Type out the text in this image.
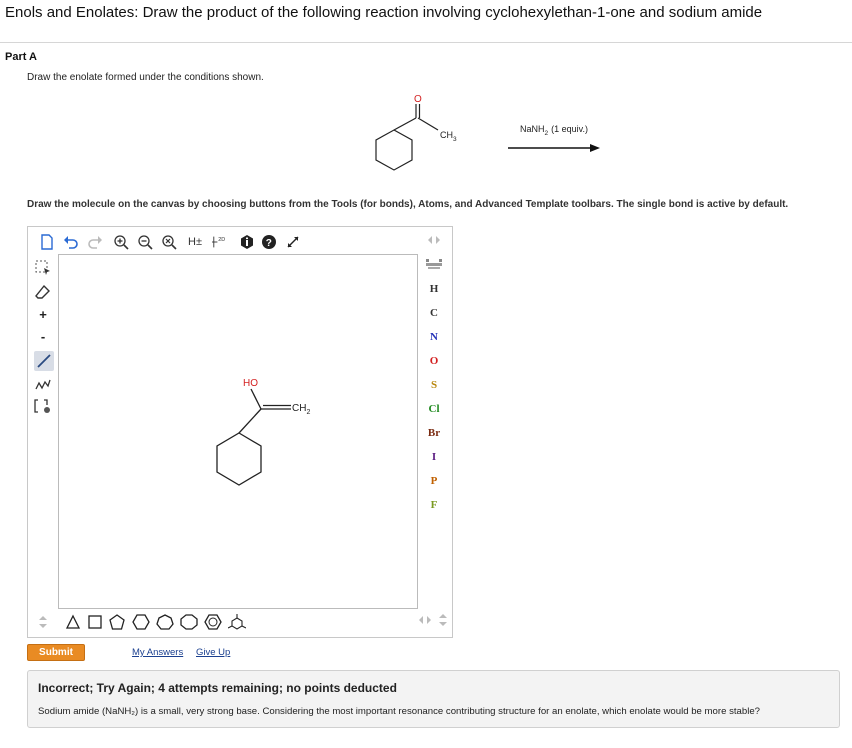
Enols and Enolates: Draw the product of the following reaction involving cyclohexylethan-1-one and sodium amide
Part A
Draw the enolate formed under the conditions shown.
O
$CH_3$
NaNH$_2$ (1 equiv.)
Draw the molecule on the canvas by choosing buttons from the Tools (for bonds), Atoms, and Advanced Template toolbars. The single bond is active by default.
H±	2D	?
+
-
HO
$CH_2$
H
C
N
O
S
Cl
Br
I
P
F
Submit	My Answers Give Up
Incorrect; Try Again; 4 attempts remaining; no points deducted
Sodium amide (NaNH₂) is a small, very strong base. Considering the most important resonance contributing structure for an enolate, which enolate would be more stable?
